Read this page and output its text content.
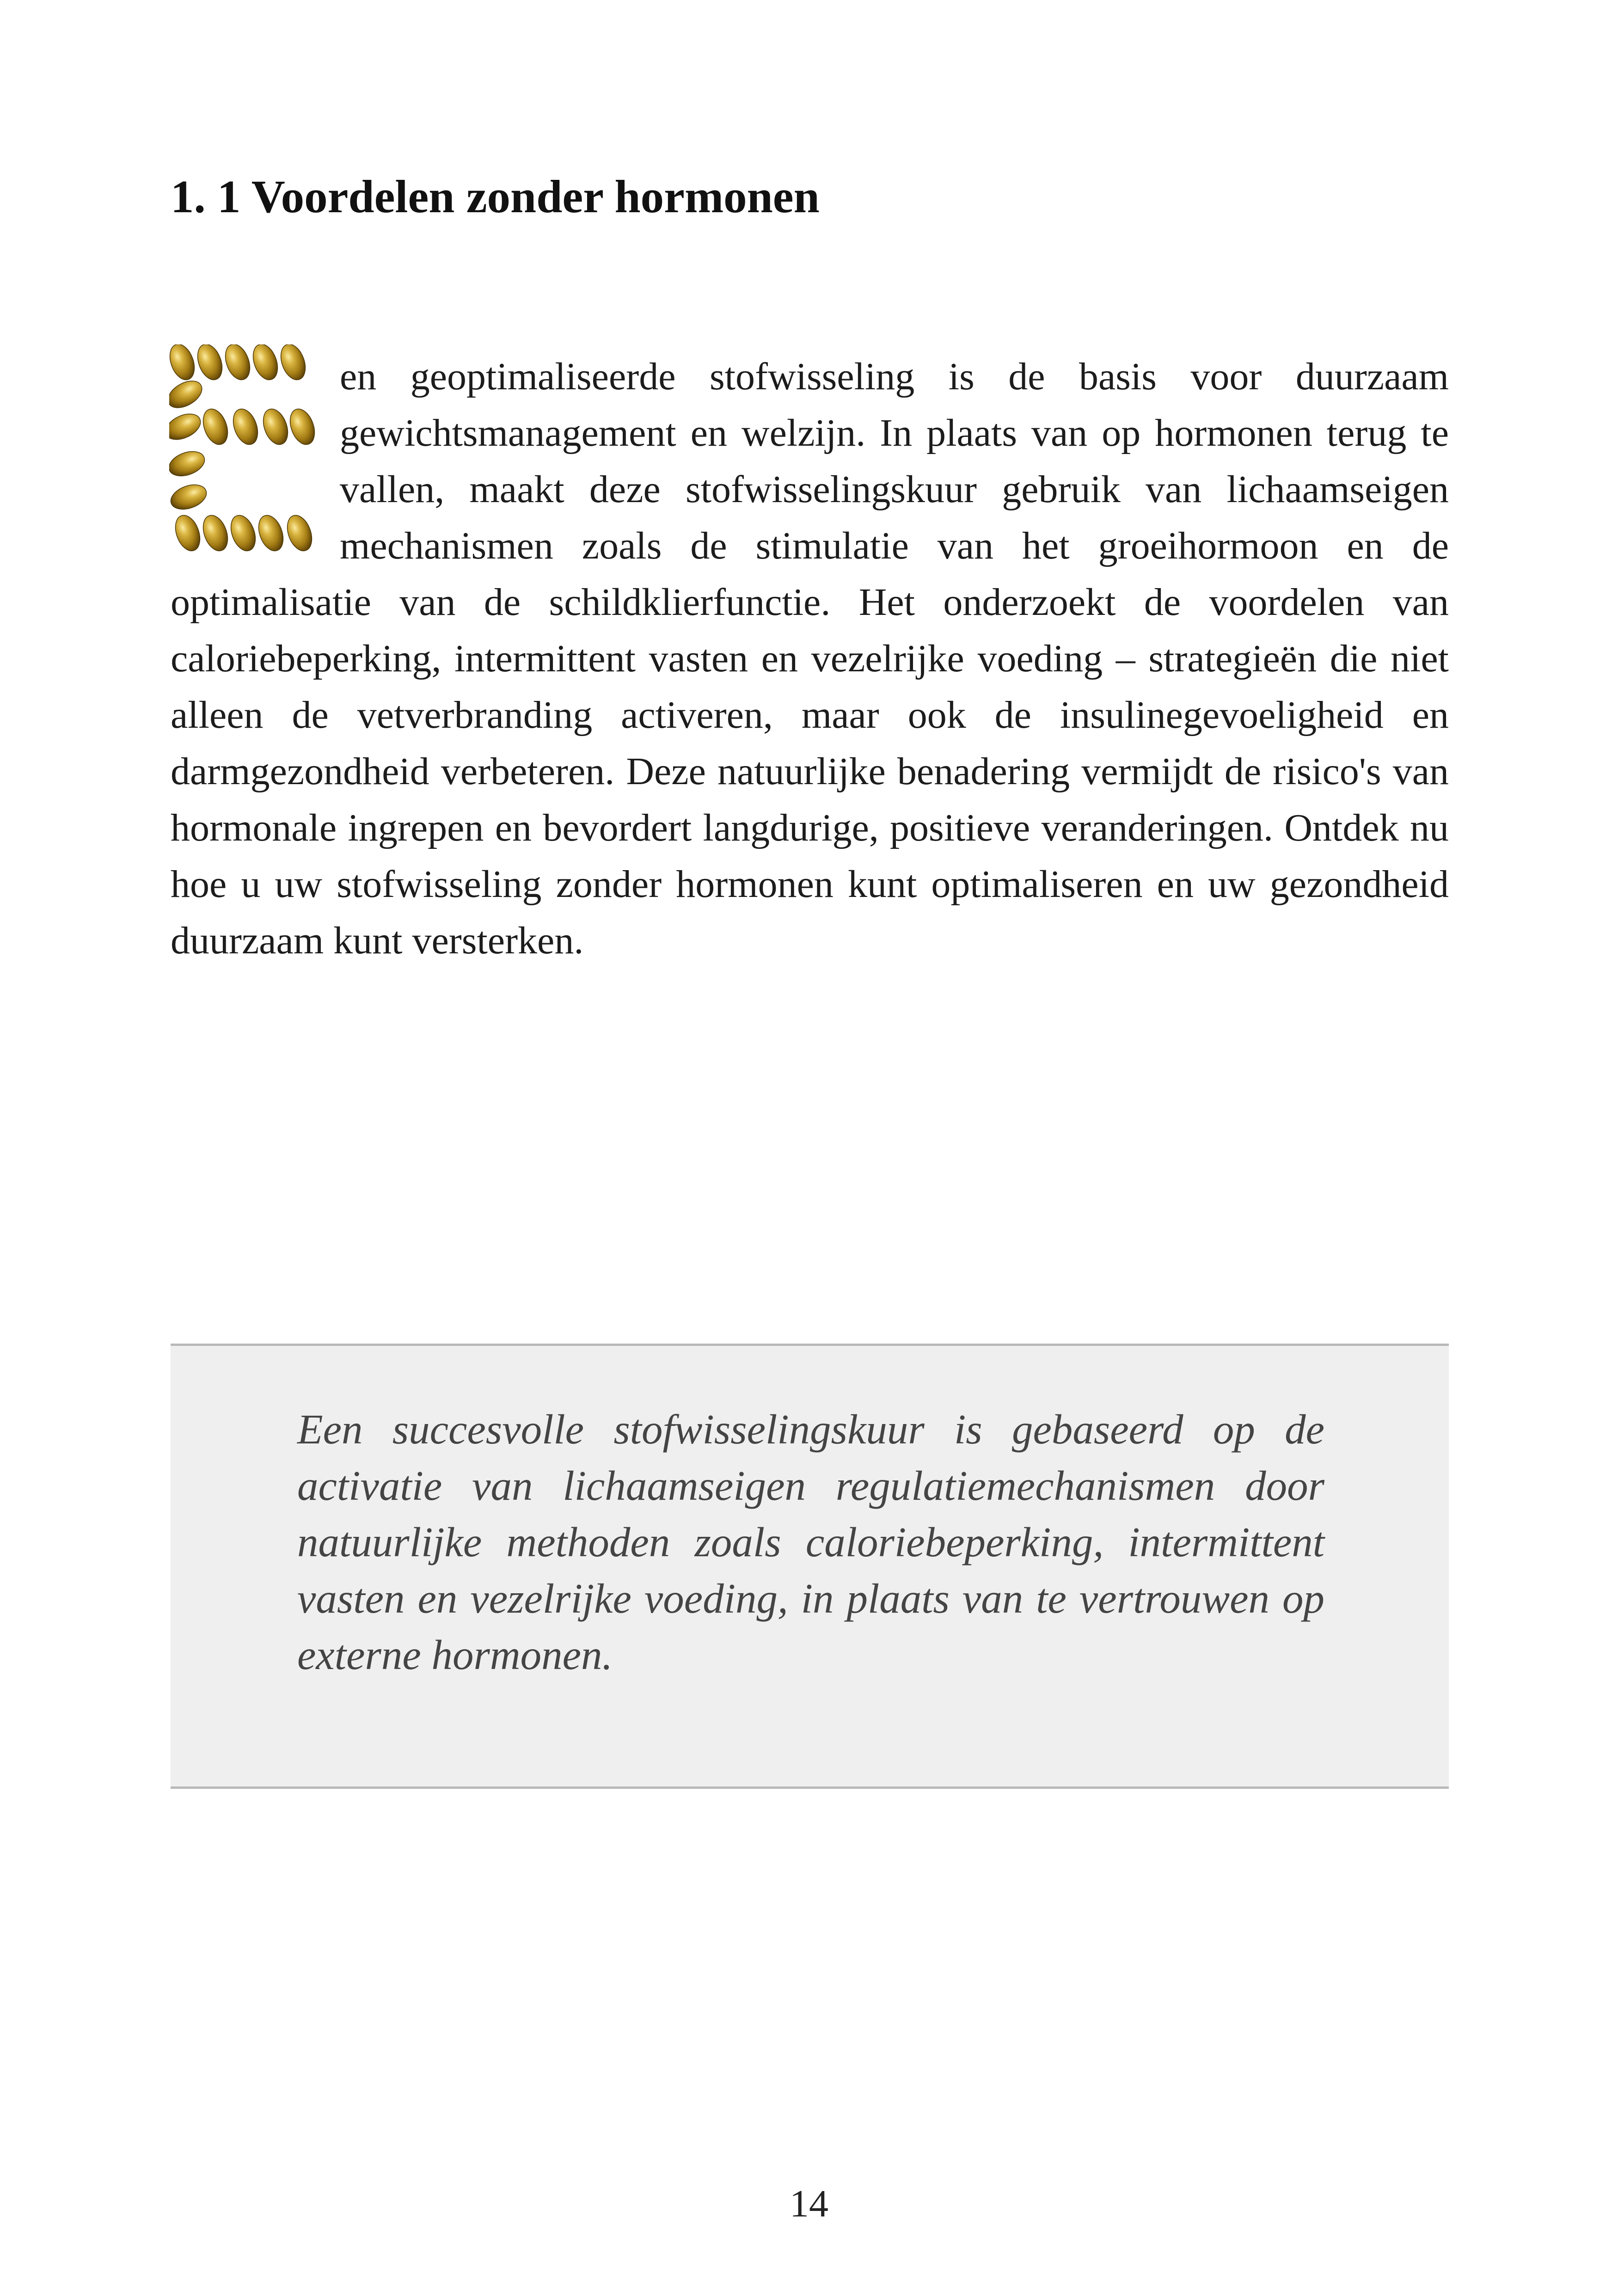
1. 1 Voordelen zonder hormonen

en geoptimaliseerde stofwisseling is de basis voor duurzaam gewichtsmanagement en welzijn. In plaats van op hormonen terug te vallen, maakt deze stofwisselingskuur gebruik van lichaamseigen mechanismen zoals de stimulatie van het groeihormoon en de optimalisatie van de schildklierfunctie. Het onderzoekt de voordelen van caloriebeperking, intermittent vasten en vezelrijke voeding – strategieën die niet alleen de vetverbranding activeren, maar ook de insulinegevoeligheid en darmgezondheid verbeteren. Deze natuurlijke benadering vermijdt de risico's van hormonale ingrepen en bevordert langdurige, positieve veranderingen. Ontdek nu hoe u uw stofwisseling zonder hormonen kunt optimaliseren en uw gezondheid duurzaam kunt versterken.

Een succesvolle stofwisselingskuur is gebaseerd op de activatie van lichaamseigen regulatiemechanismen door natuurlijke methoden zoals caloriebeperking, intermittent vasten en vezelrijke voeding, in plaats van te vertrouwen op externe hormonen.

14
